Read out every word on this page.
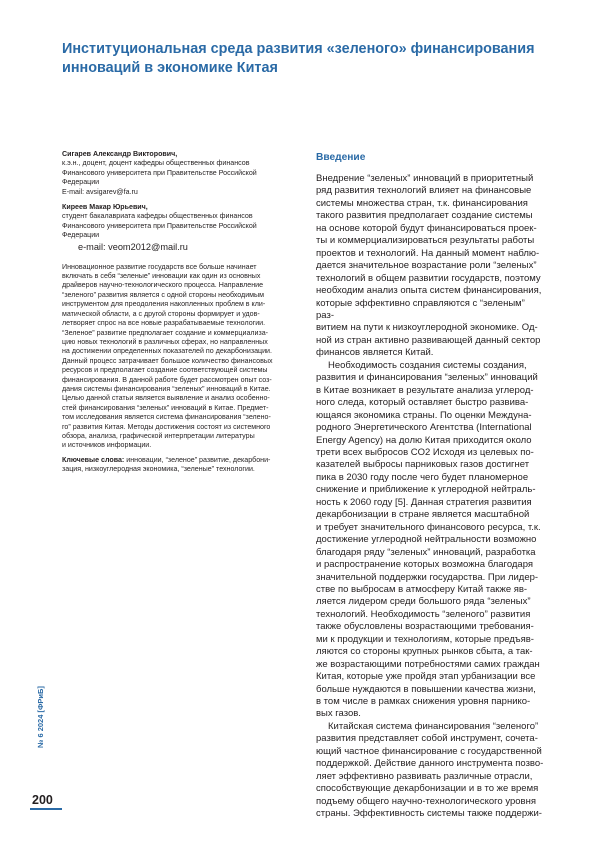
Институциональная среда развития «зеленого» финансирования инноваций в экономике Китая

Сигарев Александр Викторович,

к.э.н., доцент, доцент кафедры общественных финансов

Финансового университета при Правительстве Российской

Федерации

E-mail: avsigarev@fa.ru

Киреев Макар Юрьевич,

студент бакалавриата кафедры общественных финансов

Финансового университета при Правительстве Российской

Федерации

e-mail: veom2012@mail.ru

Инновационное развитие государств все больше начинает

включать в себя “зеленые” инновации как один из основных

драйверов научно-технологического процесса. Направление

“зеленого” развития является с одной стороны необходимым

инструментом для преодоления накопленных проблем в кли-

матической области, а с другой стороны формирует и удов-

летворяет спрос на все новые разрабатываемые технологии.

“Зеленое” развитие предполагает создание и коммерциализа-

цию новых технологий в различных сферах, но направленных

на достижении определенных показателей по декарбонизации.

Данный процесс затрачивает большое количество финансовых

ресурсов и предполагает создание соответствующей системы

финансирования. В данной работе будет рассмотрен опыт соз-

дания системы финансирования “зеленых” инноваций в Китае.

Целью данной статьи является выявление и анализ особенно-

стей финансирования “зеленых” инноваций в Китае. Предмет-

том исследования является система финансирования “зелено-

го” развития Китая. Методы достижения состоят из системного

обзора, анализа, графической интерпретации литературы

и источников информации.

Ключевые слова: инновации, “зеленое” развитие, декарбони-
зация, низкоуглеродная экономика, “зеленые” технологии.
Введение

Внедрение “зеленых” инноваций в приоритетный

ряд развития технологий влияет на финансовые

системы множества стран, т.к. финансирования

такого развития предполагает создание системы

на основе которой будут финансироваться проек-

ты и коммерциализироваться результаты работы

проектов и технологий. На данный момент наблю-

дается значительное возрастание роли “зеленых”

технологий в общем развитии государств, поэтому

необходим анализ опыта систем финансирования,

которые эффективно справляются с “зеленым” раз-

витием на пути к низкоуглеродной экономике. Од-

ной из стран активно развивающей данный сектор

финансов является Китай.

Необходимость создания системы создания,

развития и финансирования “зеленых” инноваций

в Китае возникает в результате анализа углерод-

ного следа, который оставляет быстро развива-

ющаяся экономика страны. По оценки Междуна-

родного Энергетического Агентства (International

Energy Agency) на долю Китая приходится около

трети всех выбросов CO2 Исходя из целевых по-

казателей выбросы парниковых газов достигнет

пика в 2030 году после чего будет планомерное

снижение и приближение к углеродной нейтраль-

ность к 2060 году [5]. Данная стратегия развития

декарбонизации в стране является масштабной

и требует значительного финансового ресурса, т.к.

достижение углеродной нейтральности возможно

благодаря ряду “зеленых” инноваций, разработка

и распространение которых возможна благодаря

значительной поддержки государства. При лидер-

стве по выбросам в атмосферу Китай также яв-

ляется лидером среди большого ряда “зеленых”

технологий. Необходимость “зеленого” развития

также обусловлены возрастающими требования-

ми к продукции и технологиям, которые предъяв-

ляются со стороны крупных рынков сбыта, а так-

же возрастающими потребностями самих граждан

Китая, которые уже пройдя этап урбанизации все

больше нуждаются в повышении качества жизни,

в том числе в рамках снижения уровня парнико-

вых газов.

Китайская система финансирования “зеленого”

развития представляет собой инструмент, сочета-

ющий частное финансирование с государственной

поддержкой. Действие данного инструмента позво-

ляет эффективно развивать различные отрасли,

способствующие декарбонизации и в то же время

подъему общего научно-технологического уровня

страны. Эффективность системы также поддержи-

№ 6 2024 [ФРиБ]
200
